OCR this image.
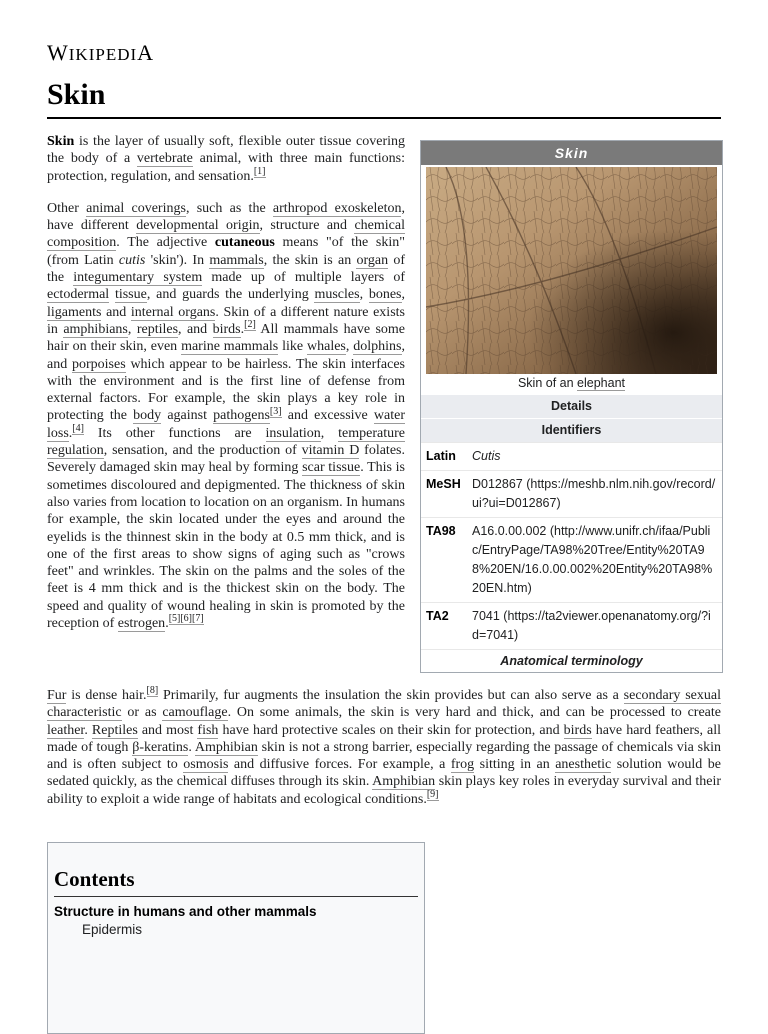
WIKIPEDIA
Skin

Skin is the layer of usually soft, flexible outer tissue covering the body of a vertebrate animal, with three main functions: protection, regulation, and sensation.[1]

Other animal coverings, such as the arthropod exoskeleton, have different developmental origin, structure and chemical composition. The adjective cutaneous means "of the skin" (from Latin cutis 'skin'). In mammals, the skin is an organ of the integumentary system made up of multiple layers of ectodermal tissue, and guards the underlying muscles, bones, ligaments and internal organs. Skin of a different nature exists in amphibians, reptiles, and birds.[2] All mammals have some hair on their skin, even marine mammals like whales, dolphins, and porpoises which appear to be hairless. The skin interfaces with the environment and is the first line of defense from external factors. For example, the skin plays a key role in protecting the body against pathogens[3] and excessive water loss.[4] Its other functions are insulation, temperature regulation, sensation, and the production of vitamin D folates. Severely damaged skin may heal by forming scar tissue. This is sometimes discoloured and depigmented. The thickness of skin also varies from location to location on an organism. In humans for example, the skin located under the eyes and around the eyelids is the thinnest skin in the body at 0.5 mm thick, and is one of the first areas to show signs of aging such as "crows feet" and wrinkles. The skin on the palms and the soles of the feet is 4 mm thick and is the thickest skin on the body. The speed and quality of wound healing in skin is promoted by the reception of estrogen.[5][6][7]

Skin
Skin of an elephant
Details
Identifiers
Latin	Cutis
MeSH D012867 (https://meshb.nlm.nih.gov/record/ui?ui=D012867)
TA98	A16.0.00.002 (http://www.unifr.ch/ifaa/Public/EntryPage/TA98%20Tree/Entity%20TA98%20EN/16.0.00.002%20Entity%20TA98%20EN.htm)
TA2	7041 (https://ta2viewer.openanatomy.org/?id=7041)
Anatomical terminology

Fur is dense hair.[8] Primarily, fur augments the insulation the skin provides but can also serve as a secondary sexual characteristic or as camouflage. On some animals, the skin is very hard and thick, and can be processed to create leather. Reptiles and most fish have hard protective scales on their skin for protection, and birds have hard feathers, all made of tough β-keratins. Amphibian skin is not a strong barrier, especially regarding the passage of chemicals via skin and is often subject to osmosis and diffusive forces. For example, a frog sitting in an anesthetic solution would be sedated quickly, as the chemical diffuses through its skin. Amphibian skin plays key roles in everyday survival and their ability to exploit a wide range of habitats and ecological conditions.[9]

Contents
Structure in humans and other mammals
Epidermis
